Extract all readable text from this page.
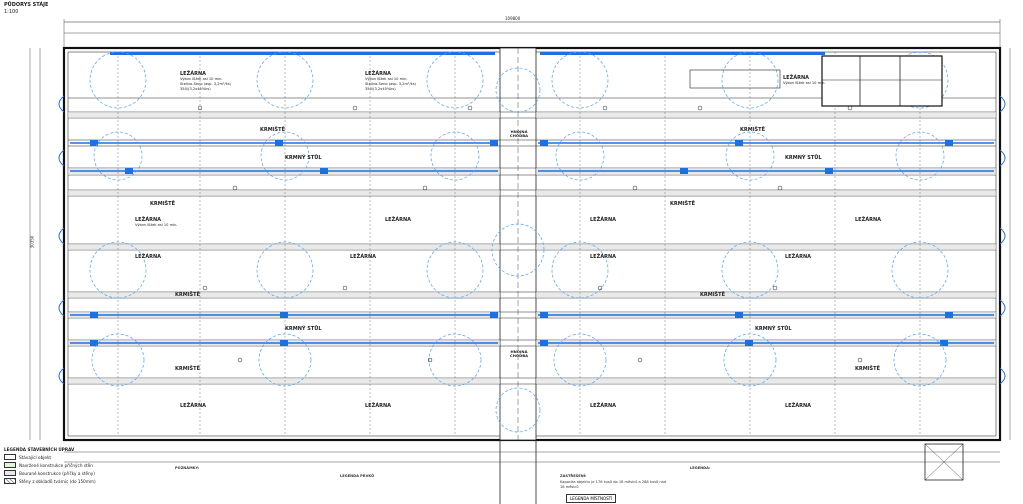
PŮDORYS STÁJE
1:100
109800
30350
LEŽÁRNA
Výkon lůžek asi 10 min.
Stelivo-Seno (asp. 3,2m²/ks)
350/(3,2x45%ks)
LEŽÁRNA
Výkon lůžek asi 10 min.
Stelivo-Seno (asp. 3,2m²/ks)
350/(3,2x45%ks)
LEŽÁRNA
Výkon lůžek asi 10 min.
LEŽÁRNA
Výkon lůžek asi 10 min.
LEŽÁRNA	LEŽÁRNA	LEŽÁRNA
LEŽÁRNA	LEŽÁRNA	LEŽÁRNA	LEŽÁRNA
LEŽÁRNA	LEŽÁRNA	LEŽÁRNA	LEŽÁRNA
KRMIŠTĚ	KRMIŠTĚ
KRMIŠTĚ	KRMIŠTĚ
KRMIŠTĚ	KRMIŠTĚ
KRMIŠTĚ	KRMIŠTĚ
KRMNÝ STŮL	KRMNÝ STŮL
KRMNÝ STŮL	KRMNÝ STŮL
HNOJNÁ CHODBA
HNOJNÁ CHODBA
LEGENDA STAVEBNÍCH ÚPRAV
Stávající objekt
Navržené konstrukce příčných stěn
Bourané konstrukce (příčky a stěny)
Stěny z obkladů tvárnic (do 150mm)
POZNÁMKY:
LEGENDA PRVKŮ	ZASTŘEŠENÍ:
Kapacita objektu je 176 kusů do 18 měsíců a 288 kusů nad 18 měsíců
LEGENDA:
LEGENDA MÍSTNOSTÍ
